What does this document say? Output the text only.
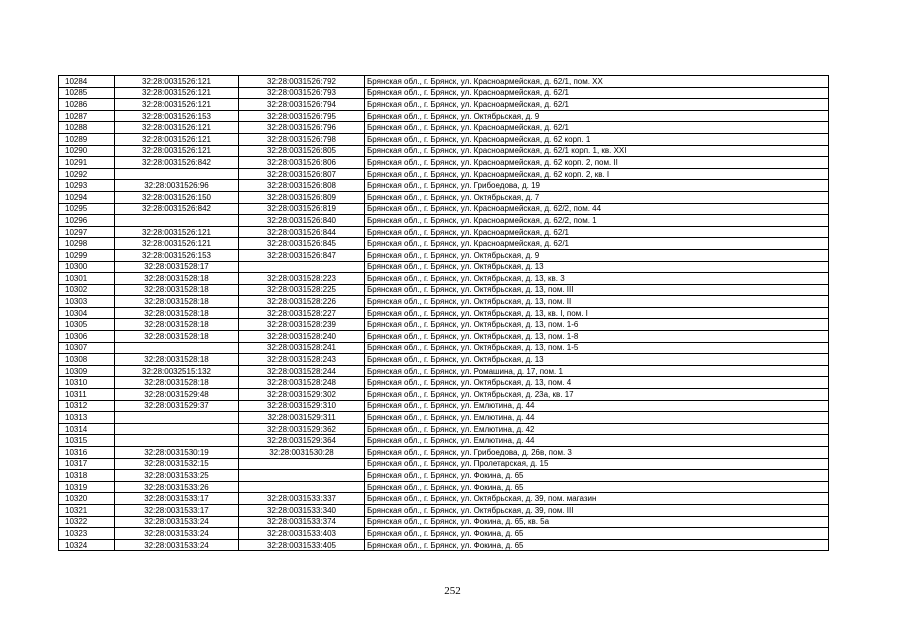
10284	32:28:0031526:121	32:28:0031526:792	Брянская обл., г. Брянск, ул. Красноармейская, д. 62/1, пом. XX
10285	32:28:0031526:121	32:28:0031526:793	Брянская обл., г. Брянск, ул. Красноармейская, д. 62/1
10286	32:28:0031526:121	32:28:0031526:794	Брянская обл., г. Брянск, ул. Красноармейская, д. 62/1
10287	32:28:0031526:153	32:28:0031526:795	Брянская обл., г. Брянск, ул. Октябрьская, д. 9
10288	32:28:0031526:121	32:28:0031526:796	Брянская обл., г. Брянск, ул. Красноармейская, д. 62/1
10289	32:28:0031526:121	32:28:0031526:798	Брянская обл., г. Брянск, ул. Красноармейская, д. 62 корп. 1
10290	32:28:0031526:121	32:28:0031526:805	Брянская обл., г. Брянск, ул. Красноармейская, д. 62/1 корп. 1, кв. XXI
10291	32:28:0031526:842	32:28:0031526:806	Брянская обл., г. Брянск, ул. Красноармейская, д. 62 корп. 2, пом. II
10292		32:28:0031526:807	Брянская обл., г. Брянск, ул. Красноармейская, д. 62 корп. 2, кв. I
10293	32:28:0031526:96	32:28:0031526:808	Брянская обл., г. Брянск, ул. Грибоедова, д. 19
10294	32:28:0031526:150	32:28:0031526:809	Брянская обл., г. Брянск, ул. Октябрьская, д. 7
10295	32:28:0031526:842	32:28:0031526:819	Брянская обл., г. Брянск, ул. Красноармейская, д. 62/2, пом. 44
10296		32:28:0031526:840	Брянская обл., г. Брянск, ул. Красноармейская, д. 62/2, пом. 1
10297	32:28:0031526:121	32:28:0031526:844	Брянская обл., г. Брянск, ул. Красноармейская, д. 62/1
10298	32:28:0031526:121	32:28:0031526:845	Брянская обл., г. Брянск, ул. Красноармейская, д. 62/1
10299	32:28:0031526:153	32:28:0031526:847	Брянская обл., г. Брянск, ул. Октябрьская, д. 9
10300	32:28:0031528:17		Брянская обл., г. Брянск, ул. Октябрьская, д. 13
10301	32:28:0031528:18	32:28:0031528:223	Брянская обл., г. Брянск, ул. Октябрьская, д. 13, кв. 3
10302	32:28:0031528:18	32:28:0031528:225	Брянская обл., г. Брянск, ул. Октябрьская, д. 13, пом. III
10303	32:28:0031528:18	32:28:0031528:226	Брянская обл., г. Брянск, ул. Октябрьская, д. 13, пом. II
10304	32:28:0031528:18	32:28:0031528:227	Брянская обл., г. Брянск, ул. Октябрьская, д. 13, кв. I, пом. I
10305	32:28:0031528:18	32:28:0031528:239	Брянская обл., г. Брянск, ул. Октябрьская, д. 13, пом. 1-6
10306	32:28:0031528:18	32:28:0031528:240	Брянская обл., г. Брянск, ул. Октябрьская, д. 13, пом. 1-8
10307		32:28:0031528:241	Брянская обл., г. Брянск, ул. Октябрьская, д. 13, пом. 1-5
10308	32:28:0031528:18	32:28:0031528:243	Брянская обл., г. Брянск, ул. Октябрьская, д. 13
10309	32:28:0032515:132	32:28:0031528:244	Брянская обл., г. Брянск, ул. Ромашина, д. 17, пом. 1
10310	32:28:0031528:18	32:28:0031528:248	Брянская обл., г. Брянск, ул. Октябрьская, д. 13, пом. 4
10311	32:28:0031529:48	32:28:0031529:302	Брянская обл., г. Брянск, ул. Октябрьская, д. 23а, кв. 17
10312	32:28:0031529:37	32:28:0031529:310	Брянская обл., г. Брянск, ул. Емлютина, д. 44
10313		32:28:0031529:311	Брянская обл., г. Брянск, ул. Емлютина, д. 44
10314		32:28:0031529:362	Брянская обл., г. Брянск, ул. Емлютина, д. 42
10315		32:28:0031529:364	Брянская обл., г. Брянск, ул. Емлютина, д. 44
10316	32:28:0031530:19	32:28:0031530:28	Брянская обл., г. Брянск, ул. Грибоедова, д. 26в, пом. 3
10317	32:28:0031532:15		Брянская обл., г. Брянск, ул. Пролетарская, д. 15
10318	32:28:0031533:25		Брянская обл., г. Брянск, ул. Фокина, д. 65
10319	32:28:0031533:26		Брянская обл., г. Брянск, ул. Фокина, д. 65
10320	32:28:0031533:17	32:28:0031533:337	Брянская обл., г. Брянск, ул. Октябрьская, д. 39, пом. магазин
10321	32:28:0031533:17	32:28:0031533:340	Брянская обл., г. Брянск, ул. Октябрьская, д. 39, пом. III
10322	32:28:0031533:24	32:28:0031533:374	Брянская обл., г. Брянск, ул. Фокина, д. 65, кв. 5а
10323	32:28:0031533:24	32:28:0031533:403	Брянская обл., г. Брянск, ул. Фокина, д. 65
10324	32:28:0031533:24	32:28:0031533:405	Брянская обл., г. Брянск, ул. Фокина, д. 65
252
